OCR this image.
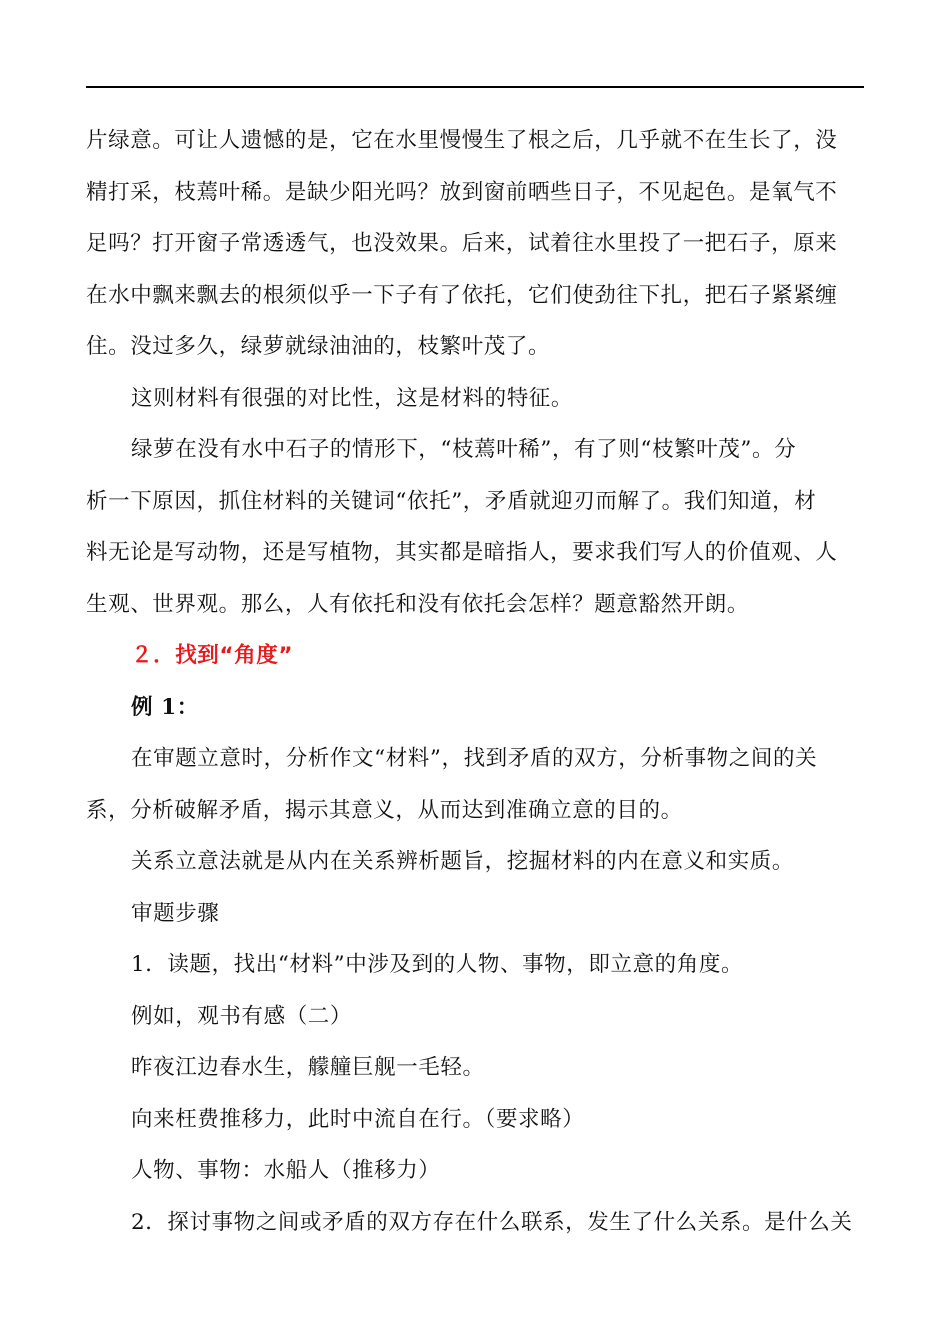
片绿意。可让人遗憾的是，它在水里慢慢生了根之后，几乎就不在生长了，没
精打采，枝蔫叶稀。是缺少阳光吗？放到窗前晒些日子，不见起色。是氧气不
足吗？打开窗子常透透气，也没效果。后来，试着往水里投了一把石子，原来
在水中飘来飘去的根须似乎一下子有了依托，它们使劲往下扎，把石子紧紧缠
住。没过多久，绿萝就绿油油的，枝繁叶茂了。
这则材料有很强的对比性，这是材料的特征。
绿萝在没有水中石子的情形下，“枝蔫叶稀”，有了则“枝繁叶茂”。分
析一下原因，抓住材料的关键词“依托”，矛盾就迎刃而解了。我们知道，材
料无论是写动物，还是写植物，其实都是暗指人，要求我们写人的价值观、人
生观、世界观。那么，人有依托和没有依托会怎样？题意豁然开朗。
２．找到“角度”
例 1：
在审题立意时，分析作文“材料”，找到矛盾的双方，分析事物之间的关
系，分析破解矛盾，揭示其意义，从而达到准确立意的目的。
关系立意法就是从内在关系辨析题旨，挖掘材料的内在意义和实质。
审题步骤
1．读题，找出“材料”中涉及到的人物、事物，即立意的角度。
例如，观书有感（二）
昨夜江边春水生，艨艟巨舰一毛轻。
向来枉费推移力，此时中流自在行。（要求略）
人物、事物：水船人（推移力）
2．探讨事物之间或矛盾的双方存在什么联系，发生了什么关系。是什么关
